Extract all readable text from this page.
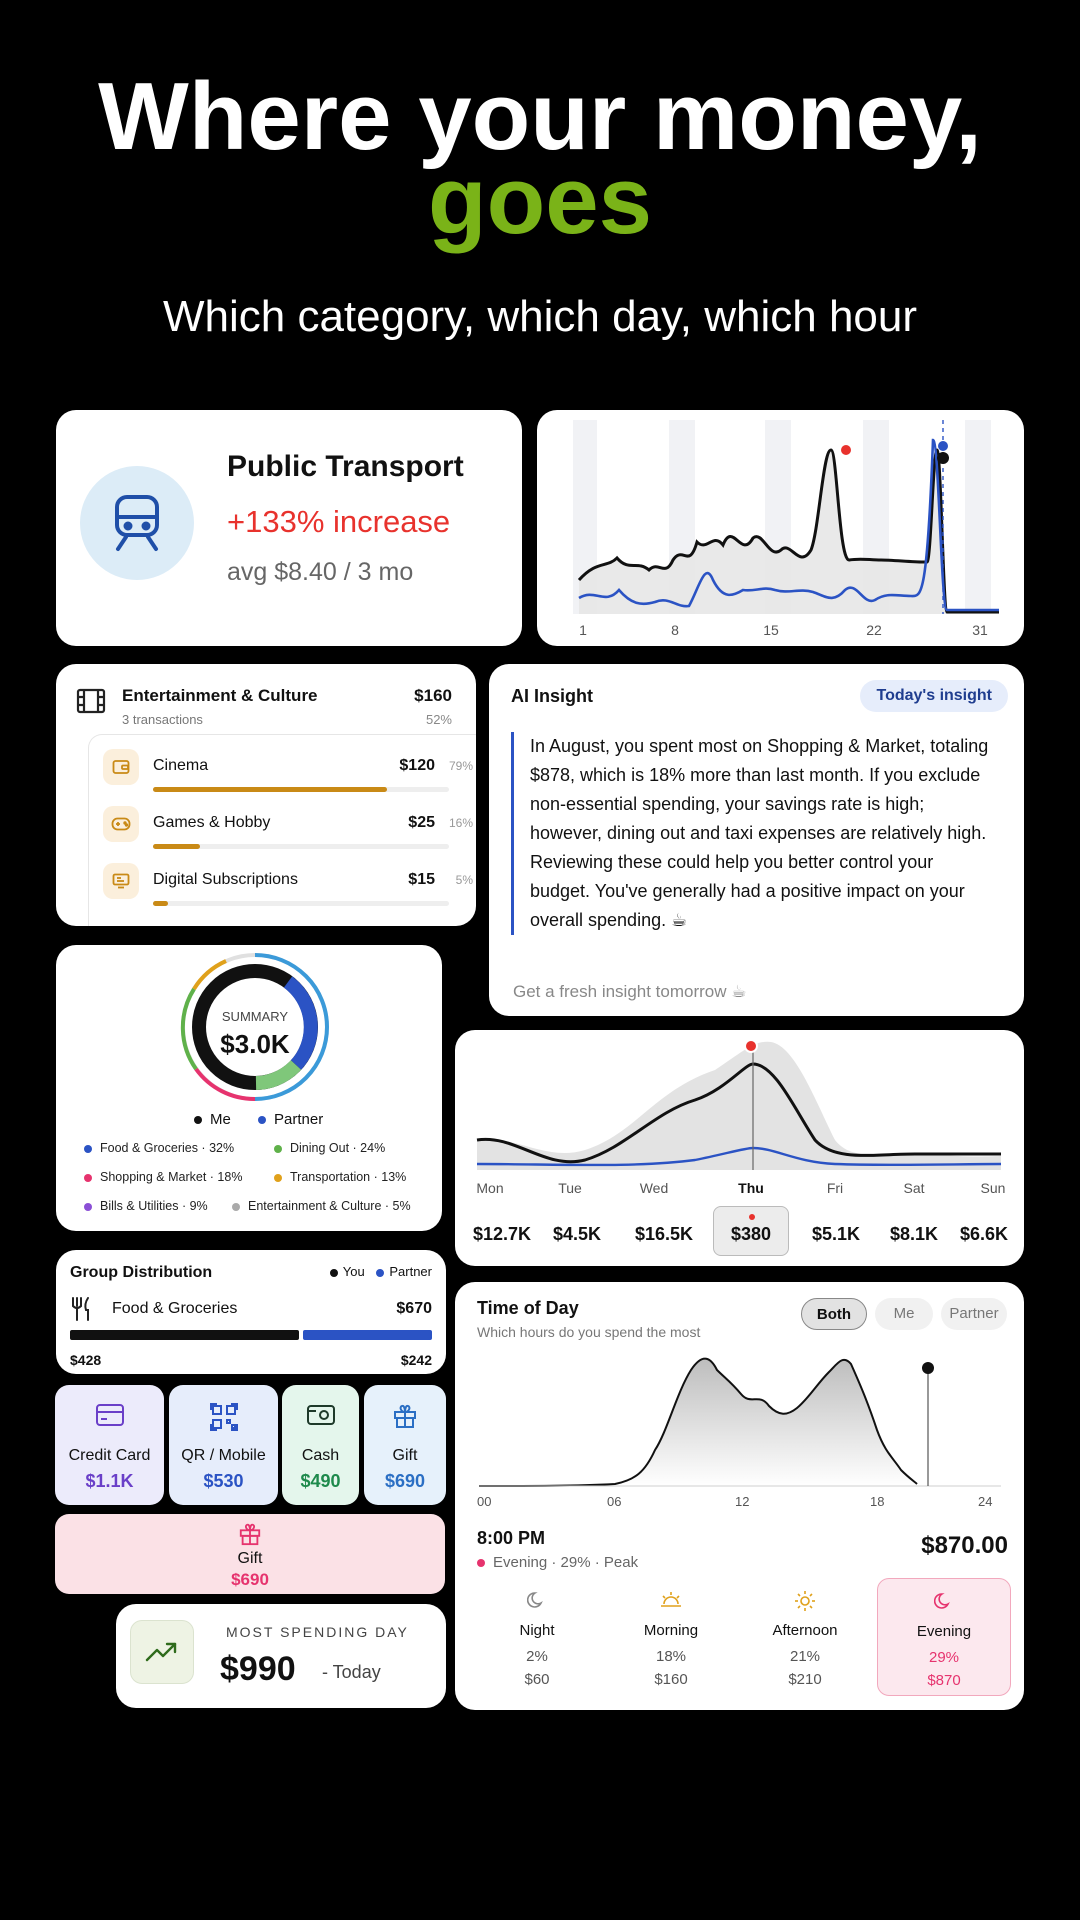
Where your money,
goes
Which category, which day, which hour
Public Transport
+133% increase
avg $8.40 / 3 mo
1	8	15	22	31
Entertainment & Culture
3 transactions
$160
52%
Cinema	$120 79%
Games & Hobby	$25 16%
Digital Subscriptions	$15 5%
AI Insight	Today's insight
In August, you spent most on Shopping & Market, totaling $878, which is 18% more than last month. If you exclude non-essential spending, your savings rate is high; however, dining out and taxi expenses are relatively high. Reviewing these could help you better control your budget. You've generally had a positive impact on your overall spending. ☕
Get a fresh insight tomorrow ☕
SUMMARY
$3.0K
Me	Partner
Food & Groceries · 32%	Dining Out · 24%
Shopping & Market · 18%	Transportation · 13%
Bills & Utilities · 9%	Entertainment & Culture · 5%
Mon	Tue	Wed	Thu	Fri	Sat	Sun
$12.7K $4.5K $16.5K $380 $5.1K $8.1K $6.6K
Group Distribution	You Partner
Food & Groceries	$670
$428	$242
Credit Card
$1.1K
QR / Mobile
$530
Cash
$490
Gift
$690
Gift
$690
MOST SPENDING DAY
$990 - Today
Time of Day
Which hours do you spend the most
Both	Me	Partner
00	06	12	18	24
8:00 PM
Evening · 29% · Peak
$870.00
Night
2%
$60
Morning
18%
$160
Afternoon
21%
$210
Evening
29%
$870
